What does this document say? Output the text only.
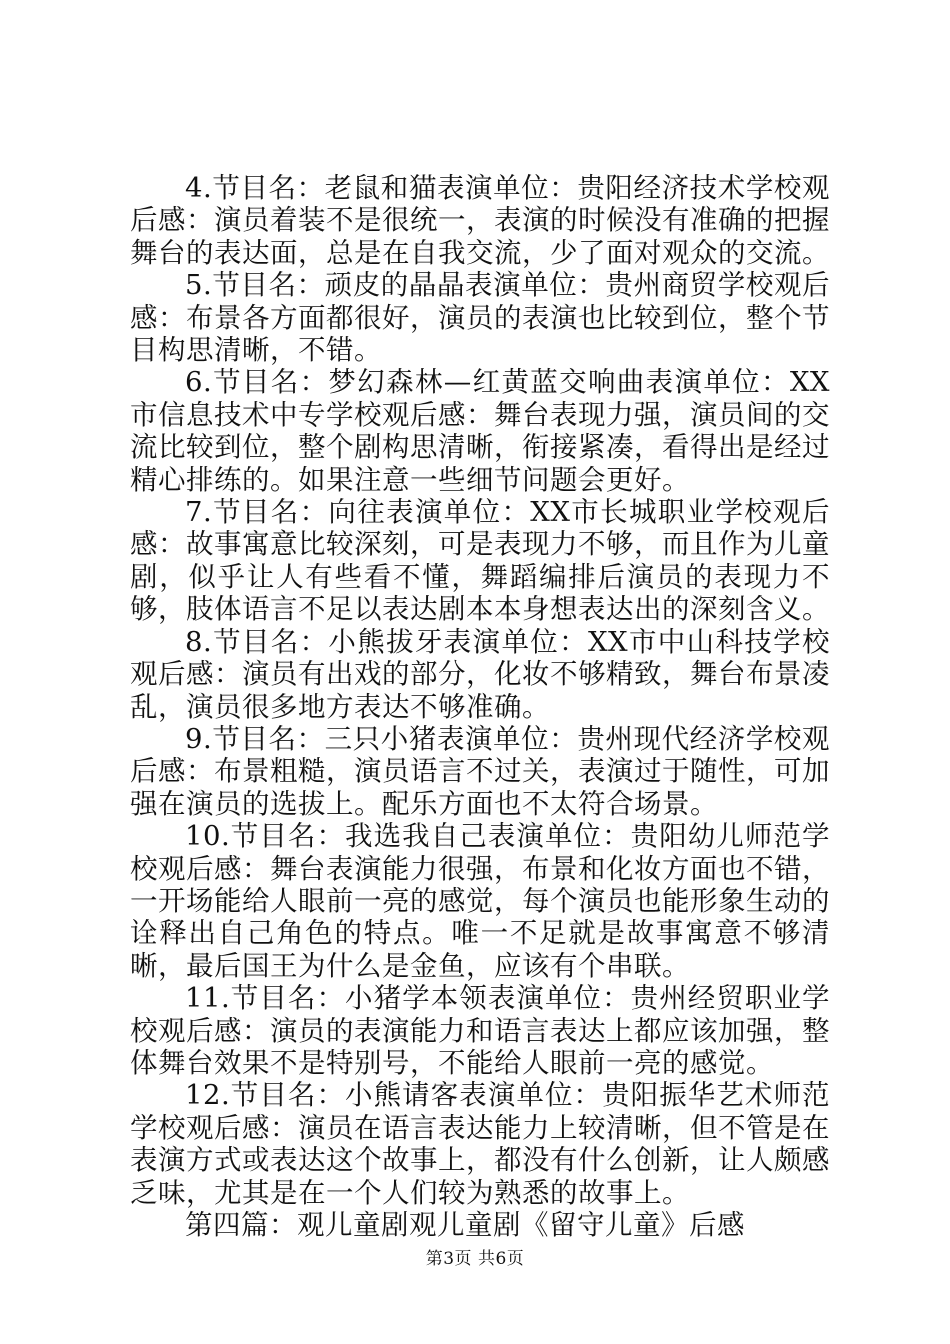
4.节目名：老鼠和猫表演单位：贵阳经济技术学校观后感：演员着装不是很统一，表演的时候没有准确的把握舞台的表达面，总是在自我交流，少了面对观众的交流。

5.节目名：顽皮的晶晶表演单位：贵州商贸学校观后感：布景各方面都很好，演员的表演也比较到位，整个节目构思清晰，不错。

6.节目名：梦幻森林—红黄蓝交响曲表演单位：XX市信息技术中专学校观后感：舞台表现力强，演员间的交流比较到位，整个剧构思清晰，衔接紧凑，看得出是经过精心排练的。如果注意一些细节问题会更好。

7.节目名：向往表演单位：XX市长城职业学校观后感：故事寓意比较深刻，可是表现力不够，而且作为儿童剧，似乎让人有些看不懂，舞蹈编排后演员的表现力不够，肢体语言不足以表达剧本本身想表达出的深刻含义。

8.节目名：小熊拔牙表演单位：XX市中山科技学校观后感：演员有出戏的部分，化妆不够精致，舞台布景凌乱，演员很多地方表达不够准确。

9.节目名：三只小猪表演单位：贵州现代经济学校观后感：布景粗糙，演员语言不过关，表演过于随性，可加强在演员的选拔上。配乐方面也不太符合场景。

10.节目名：我选我自己表演单位：贵阳幼儿师范学校观后感：舞台表演能力很强，布景和化妆方面也不错，一开场能给人眼前一亮的感觉，每个演员也能形象生动的诠释出自己角色的特点。唯一不足就是故事寓意不够清晰，最后国王为什么是金鱼，应该有个串联。

11.节目名：小猪学本领表演单位：贵州经贸职业学校观后感：演员的表演能力和语言表达上都应该加强，整体舞台效果不是特别号，不能给人眼前一亮的感觉。

12.节目名：小熊请客表演单位：贵阳振华艺术师范学校观后感：演员在语言表达能力上较清晰，但不管是在表演方式或表达这个故事上，都没有什么创新，让人颇感乏味，尤其是在一个人们较为熟悉的故事上。

第四篇：观儿童剧观儿童剧《留守儿童》后感

第3页 共6页
